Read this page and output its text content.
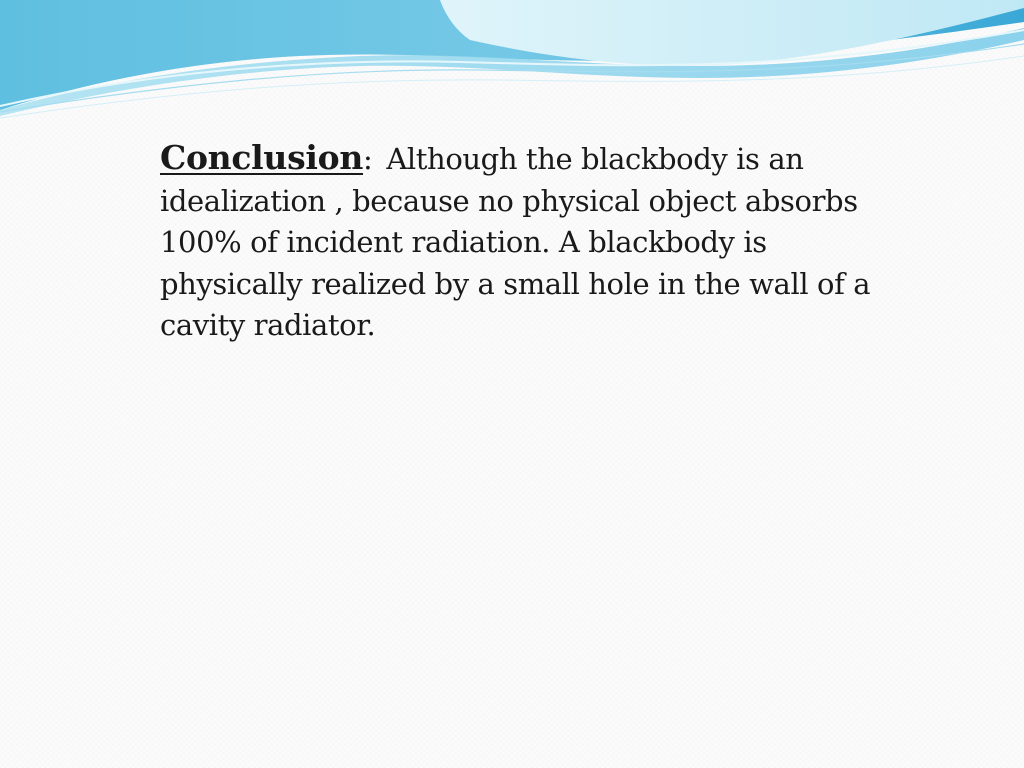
Conclusion: Although the blackbody is an idealization , because no physical object absorbs 100% of incident radiation. A blackbody is physically realized by a small hole in the wall of a cavity radiator.
